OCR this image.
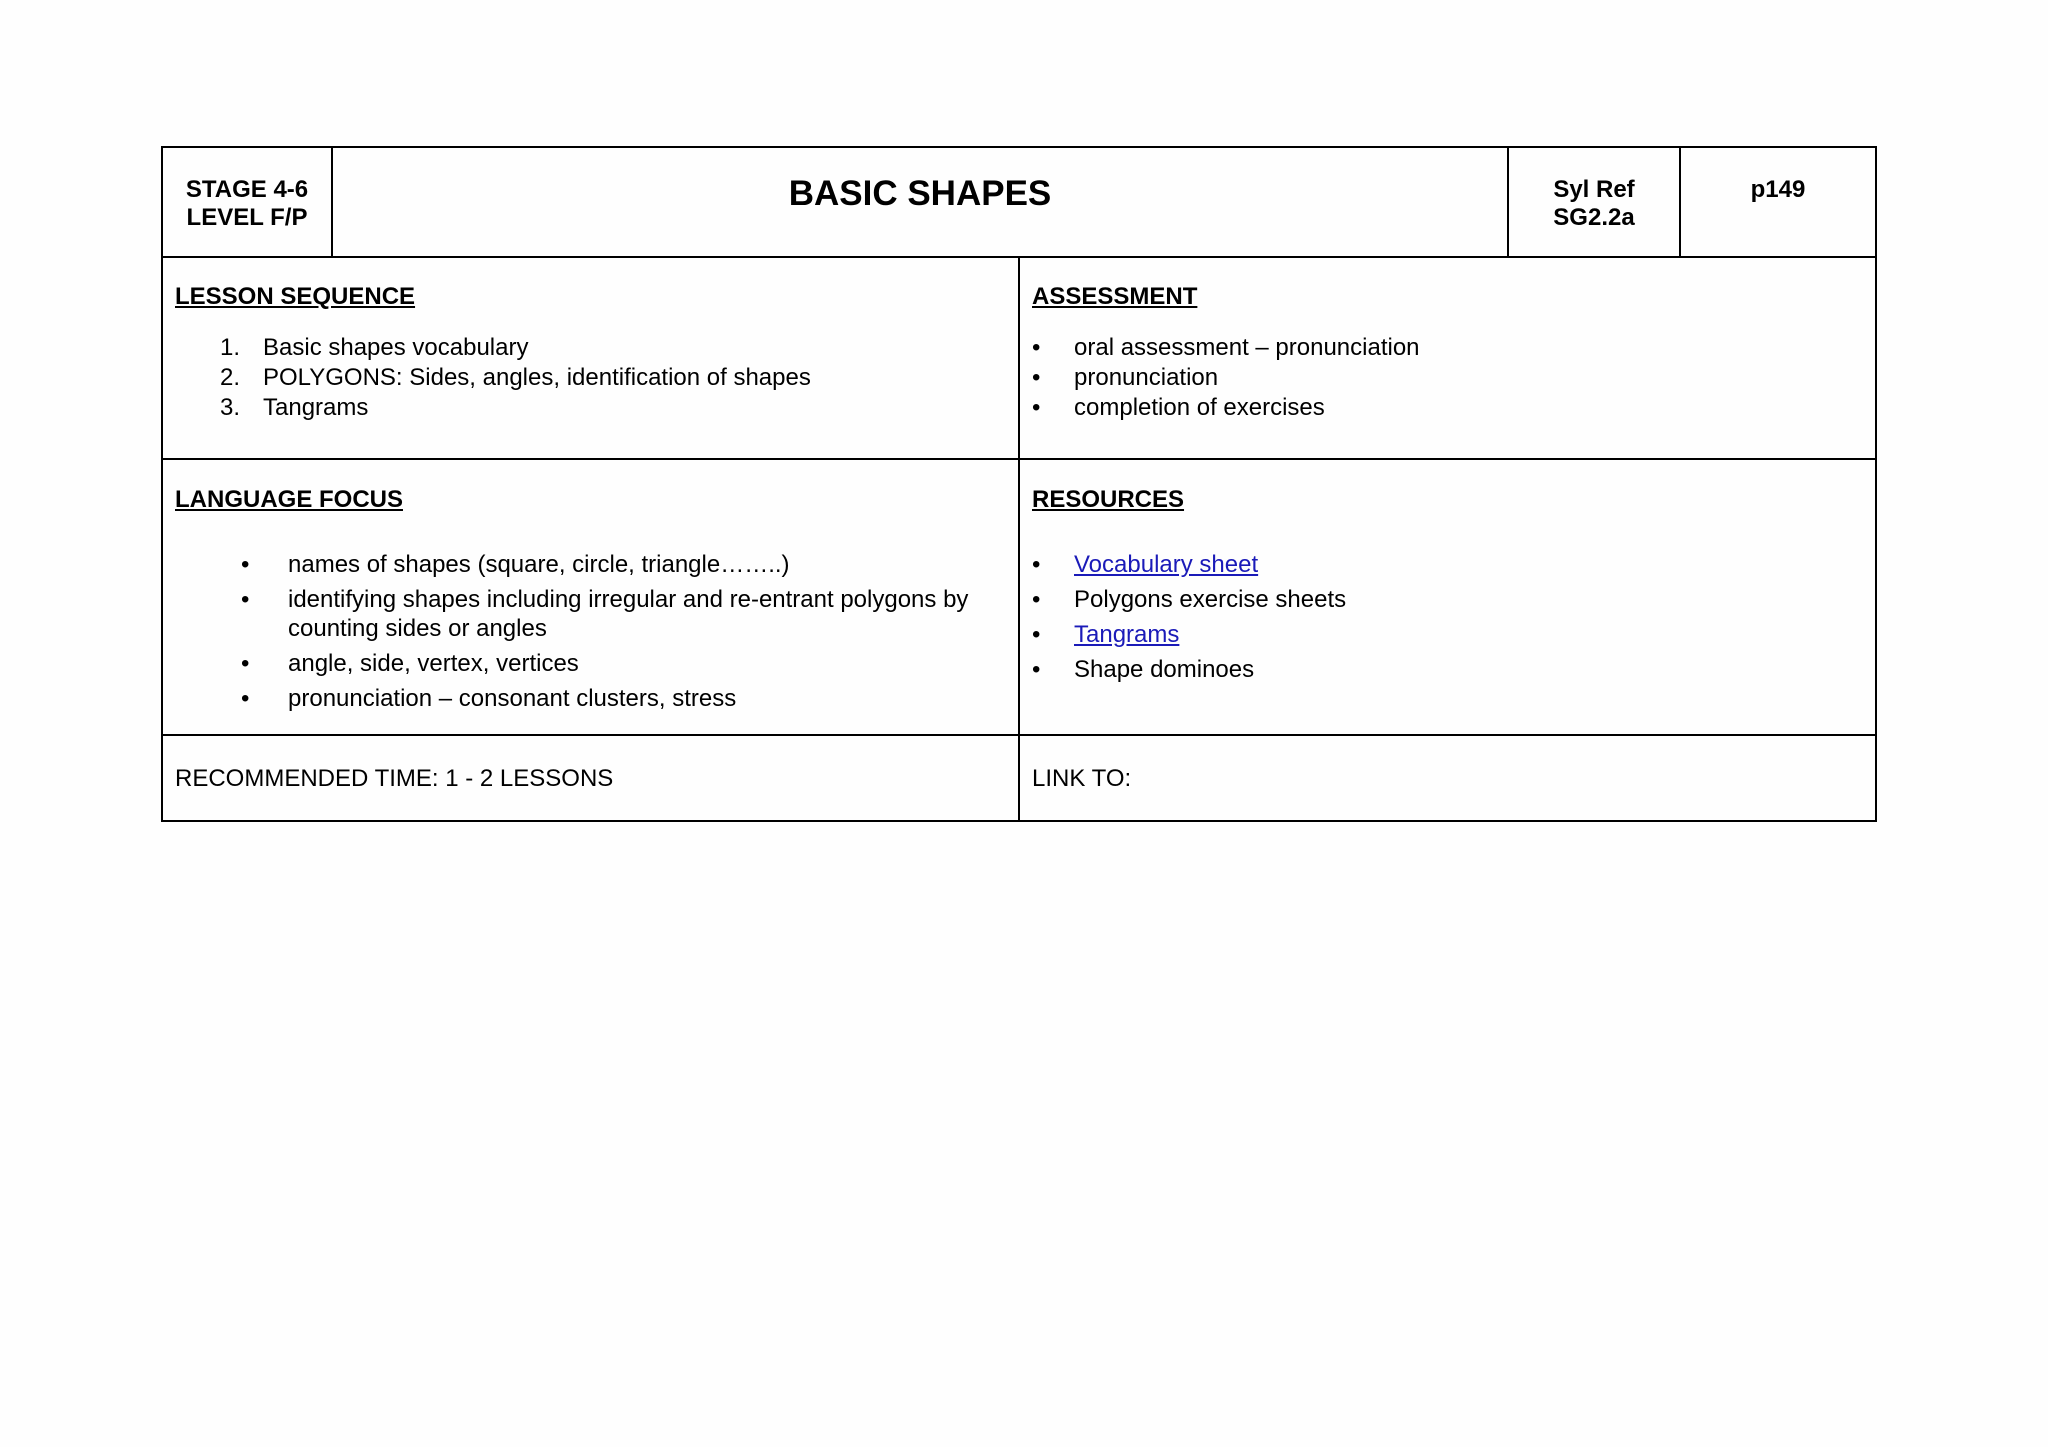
STAGE 4-6
LEVEL F/P
BASIC SHAPES	Syl Ref
SG2.2a
p149
LESSON SEQUENCE
1. Basic shapes vocabulary
2. POLYGONS: Sides, angles, identification of shapes
3. Tangrams
ASSESSMENT
• oral assessment – pronunciation
• pronunciation
• completion of exercises
LANGUAGE FOCUS
• names of shapes (square, circle, triangle……..)
• identifying shapes including irregular and re-entrant polygons by counting sides or angles
• angle, side, vertex, vertices
• pronunciation – consonant clusters, stress
RESOURCES
• Vocabulary sheet
• Polygons exercise sheets
• Tangrams
• Shape dominoes
RECOMMENDED TIME: 1 - 2 LESSONS	LINK TO:
